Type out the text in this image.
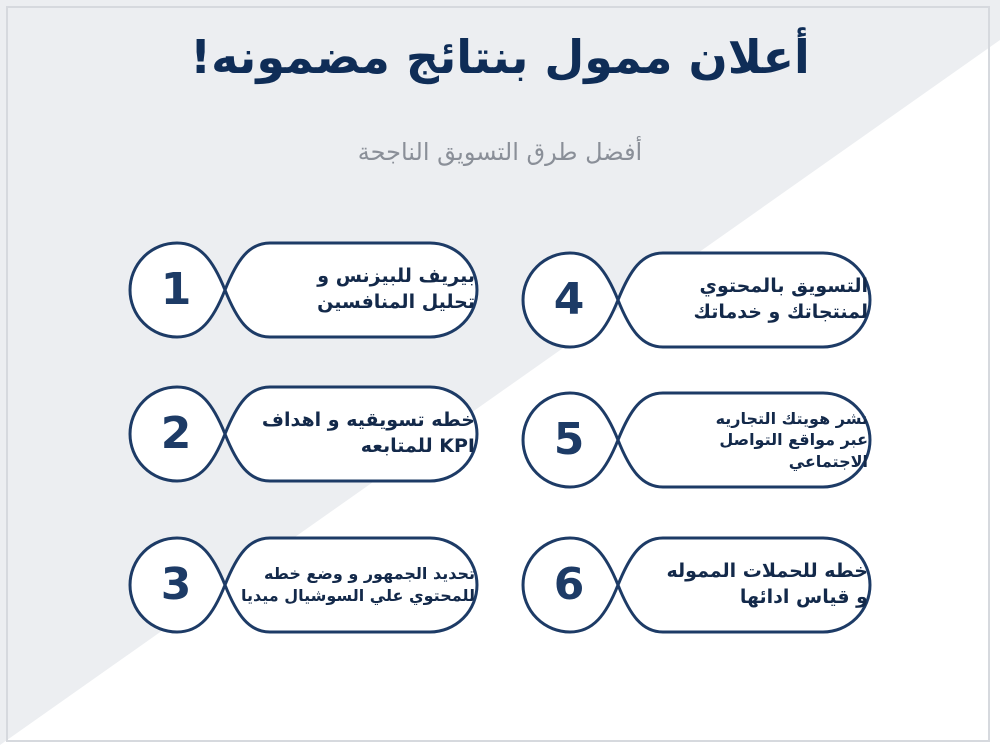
أعلان ممول بنتائج مضمونه!
أفضل طرق التسويق الناجحة
1	بيريف للبيزنس و
تحليل المنافسين
2	خطه تسويقيه و اهداف
KPI للمتابعه
3	تحديد الجمهور و وضع خطه
للمحتوي علي السوشيال ميديا
4	التسويق بالمحتوي
لمنتجاتك و خدماتك
5	نشر هويتك التجاريه
عبر مواقع التواصل
الاجتماعي
6	خطه للحملات المموله
و قياس ادائها
